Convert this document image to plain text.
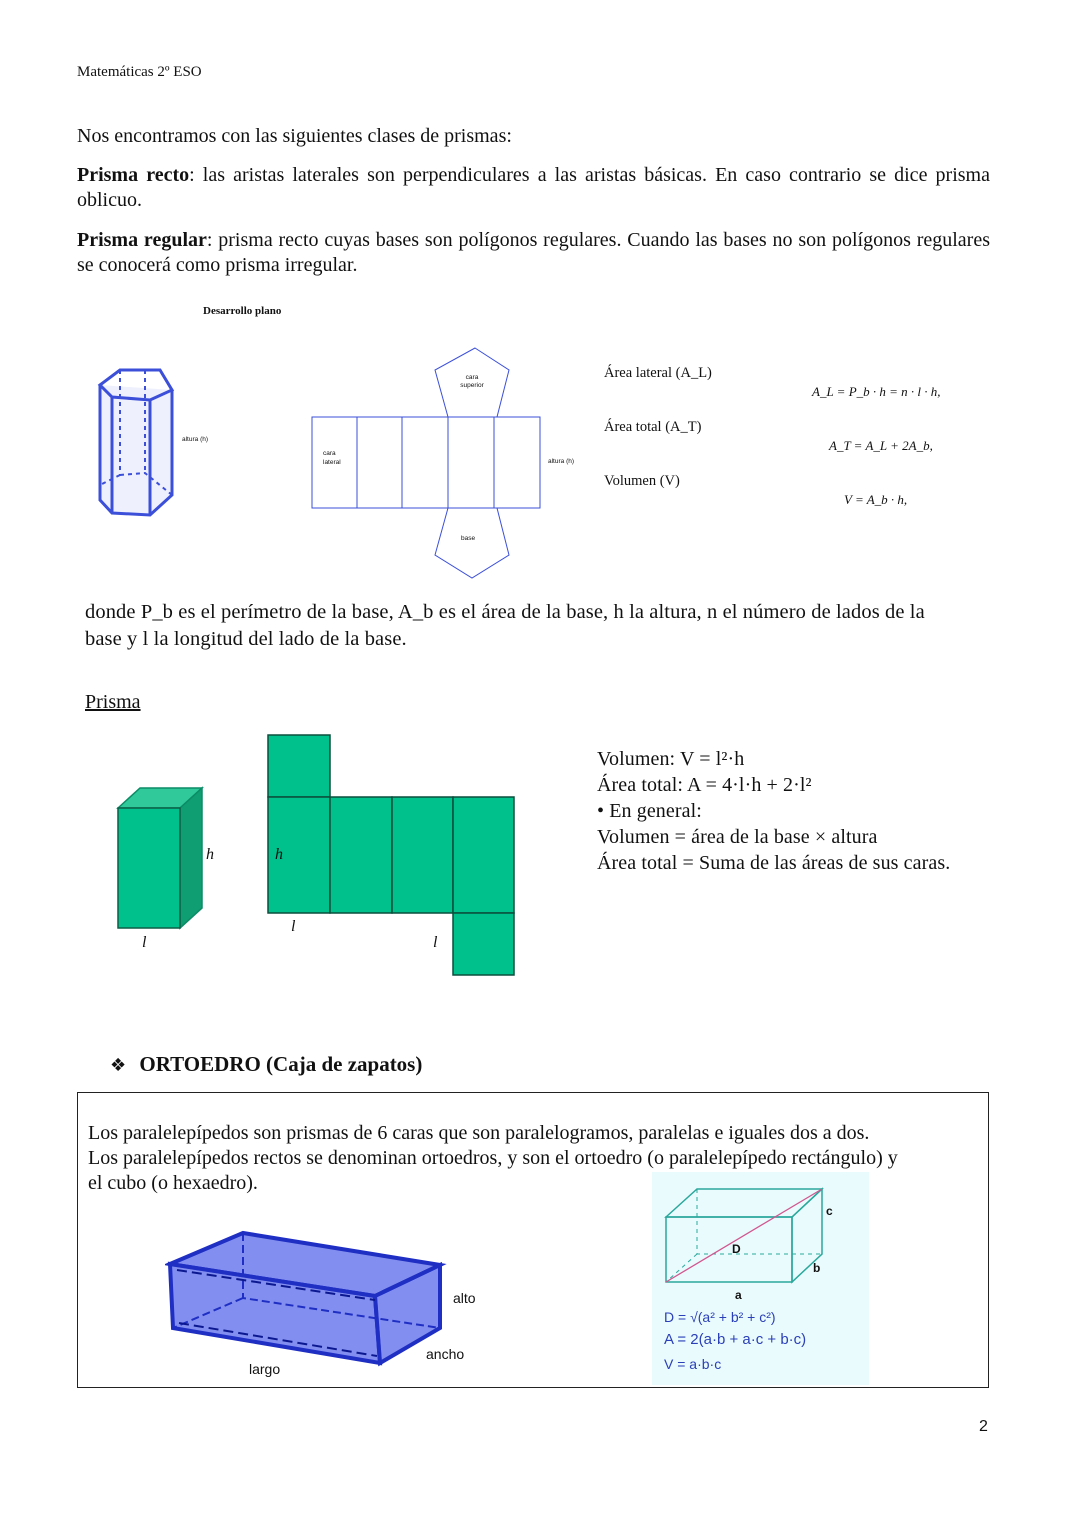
Matemáticas 2º ESO
Nos encontramos con las siguientes clases de prismas:
Prisma recto: las aristas laterales son perpendiculares a las aristas básicas. En caso contrario se dice prisma oblicuo.
Prisma regular: prisma recto cuyas bases son polígonos regulares. Cuando las bases no son polígonos regulares se conocerá como prisma irregular.
Desarrollo plano
altura (h)
cara superior
cara lateral	altura (h)
base
Área lateral (A_L)
A_L = P_b · h = n · l · h,
Área total (A_T)
A_T = A_L + 2A_b,
Volumen (V)
V = A_b · h,
donde P_b es el perímetro de la base, A_b es el área de la base, h la altura, n el número de lados de la base y l la longitud del lado de la base.
Prisma
h
l
h
l
l
Volumen: V = l²·h
Área total: A = 4·l·h + 2·l²
• En general:
Volumen = área de la base × altura
Área total = Suma de las áreas de sus caras.
❖ ORTOEDRO (Caja de zapatos)
Los paralelepípedos son prismas de 6 caras que son paralelogramos, paralelas e iguales dos a dos.
Los paralelepípedos rectos se denominan ortoedros, y son el ortoedro (o paralelepípedo rectángulo) y
el cubo (o hexaedro).
alto
ancho
largo
c
D
b
a
D = √(a² + b² + c²)
A = 2(a·b + a·c + b·c)
V = a·b·c
2
